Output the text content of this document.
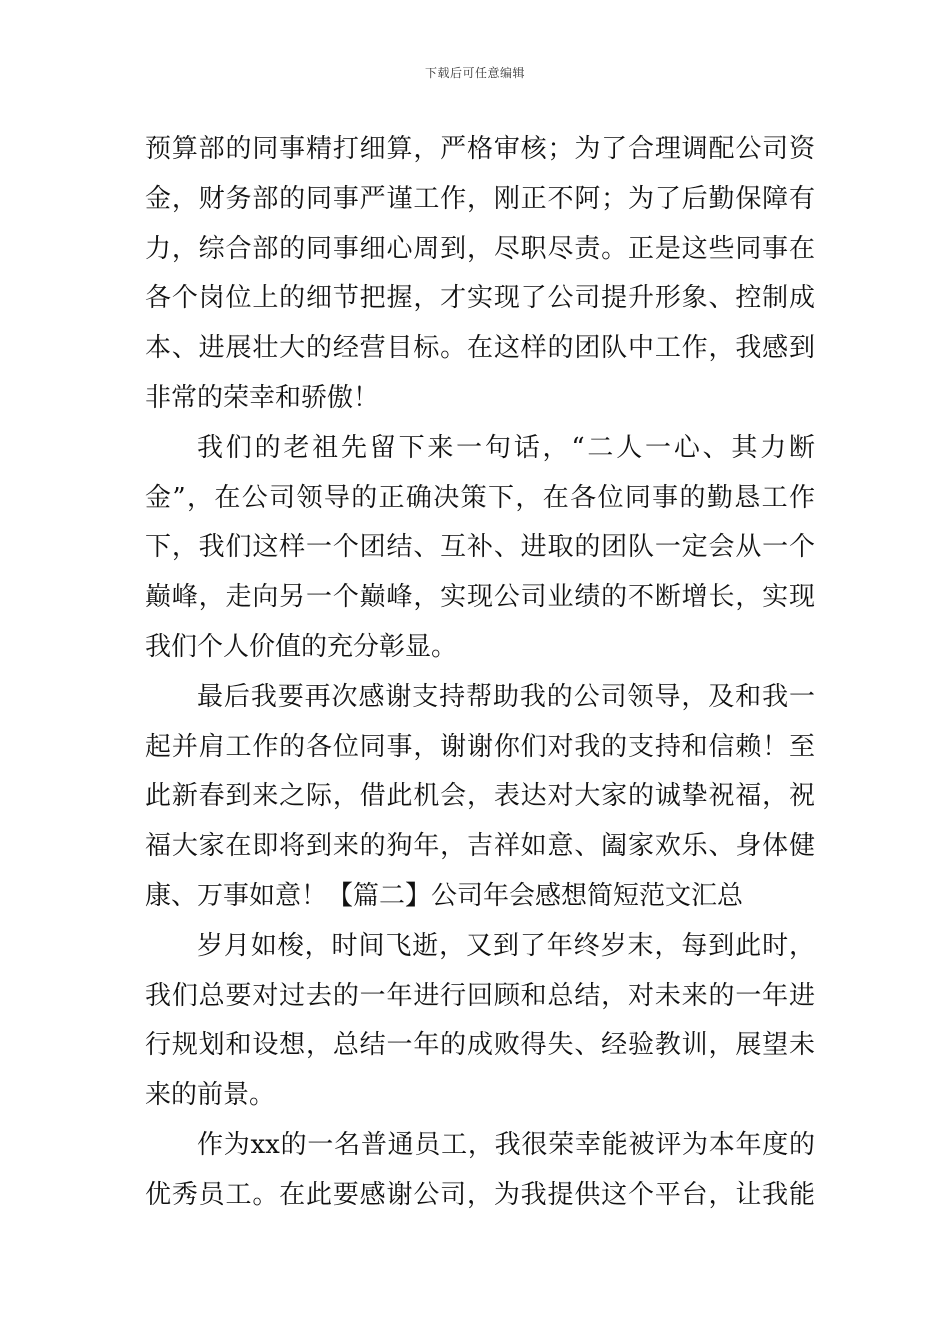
下载后可任意编辑
预算部的同事精打细算，严格审核；为了合理调配公司资
金，财务部的同事严谨工作，刚正不阿；为了后勤保障有
力，综合部的同事细心周到，尽职尽责。正是这些同事在
各个岗位上的细节把握，才实现了公司提升形象、控制成
本、进展壮大的经营目标。在这样的团队中工作，我感到
非常的荣幸和骄傲！
我们的老祖先留下来一句话，“二人一心、其力断
金”，在公司领导的正确决策下，在各位同事的勤恳工作
下，我们这样一个团结、互补、进取的团队一定会从一个
巅峰，走向另一个巅峰，实现公司业绩的不断增长，实现
我们个人价值的充分彰显。
最后我要再次感谢支持帮助我的公司领导，及和我一
起并肩工作的各位同事，谢谢你们对我的支持和信赖！至
此新春到来之际，借此机会，表达对大家的诚挚祝福，祝
福大家在即将到来的狗年，吉祥如意、阖家欢乐、身体健
康、万事如意！【篇二】公司年会感想简短范文汇总
岁月如梭，时间飞逝，又到了年终岁末，每到此时，
我们总要对过去的一年进行回顾和总结，对未来的一年进
行规划和设想，总结一年的成败得失、经验教训，展望未
来的前景。
作为xx的一名普通员工，我很荣幸能被评为本年度的
优秀员工。在此要感谢公司，为我提供这个平台，让我能
